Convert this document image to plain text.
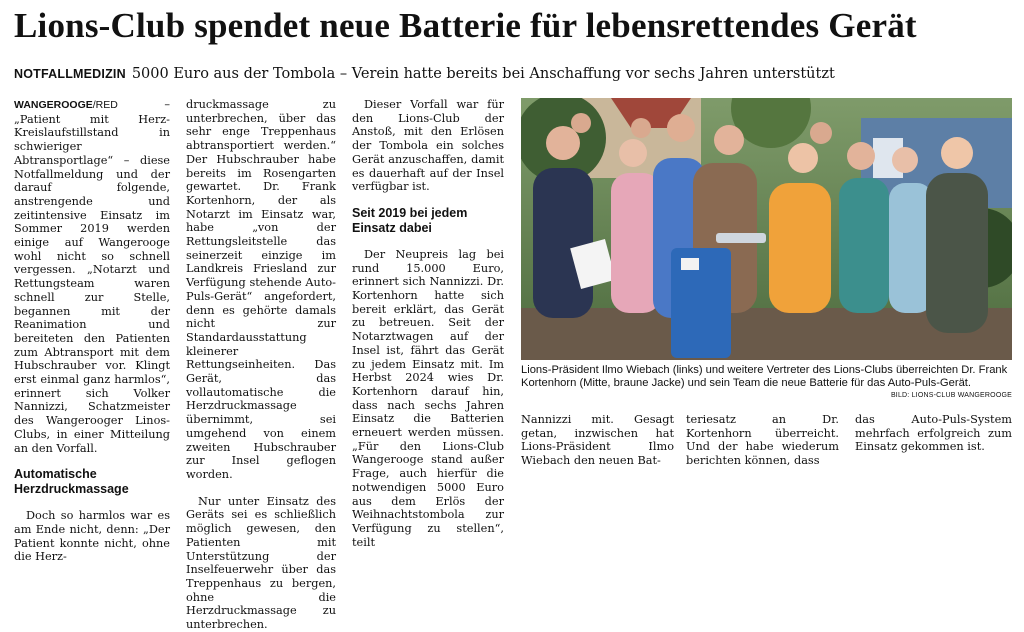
Lions-Club spendet neue Batterie für lebensrettendes Gerät
NOTFALLMEDIZIN 5000 Euro aus der Tombola – Verein hatte bereits bei Anschaffung vor sechs Jahren unterstützt

WANGEROOGE/RED – „Patient mit Herz-Kreislaufstillstand in schwieriger Abtransportlage“ – diese Notfallmeldung und der darauf folgende, anstrengende und zeitintensive Einsatz im Sommer 2019 werden einige auf Wangerooge wohl nicht so schnell vergessen. „Notarzt und Rettungsteam waren schnell zur Stelle, begannen mit der Reanimation und bereiteten den Patienten zum Abtransport mit dem Hubschrauber vor. Klingt erst einmal ganz harmlos“, erinnert sich Volker Nannizzi, Schatzmeister des Wangerooger Linos-Clubs, in einer Mitteilung an den Vorfall.

Automatische Herzdruckmassage

Doch so harmlos war es am Ende nicht, denn: „Der Patient konnte nicht, ohne die Herz-

druckmassage zu unterbrechen, über das sehr enge Treppenhaus abtransportiert werden.“ Der Hubschrauber habe bereits im Rosengarten gewartet. Dr. Frank Kortenhorn, der als Notarzt im Einsatz war, habe „von der Rettungsleitstelle das seinerzeit einzige im Landkreis Friesland zur Verfügung stehende Auto-Puls-Gerät“ angefordert, denn es gehörte damals nicht zur Standardausstattung kleinerer Rettungseinheiten. Das Gerät, das vollautomatische die Herzdruckmassage übernimmt, sei umgehend von einem zweiten Hubschrauber zur Insel geflogen worden.

Nur unter Einsatz des Geräts sei es schließlich möglich gewesen, den Patienten mit Unterstützung der Inselfeuerwehr über das Treppenhaus zu bergen, ohne die Herzdruckmassage zu unterbrechen.

Dieser Vorfall war für den Lions-Club der Anstoß, mit den Erlösen der Tombola ein solches Gerät anzuschaffen, damit es dauerhaft auf der Insel verfügbar ist.

Seit 2019 bei jedem Einsatz dabei

Der Neupreis lag bei rund 15.000 Euro, erinnert sich Nannizzi. Dr. Kortenhorn hatte sich bereit erklärt, das Gerät zu betreuen. Seit der Notarztwagen auf der Insel ist, fährt das Gerät zu jedem Einsatz mit. Im Herbst 2024 wies Dr. Kortenhorn darauf hin, dass nach sechs Jahren Einsatz die Batterien erneuert werden müssen. „Für den Lions-Club Wangerooge stand außer Frage, auch hierfür die notwendigen 5000 Euro aus dem Erlös der Weihnachtstombola zur Verfügung zu stellen“, teilt

Lions-Präsident Ilmo Wiebach (links) und weitere Vertreter des Lions-Clubs überreichten Dr. Frank Kortenhorn (Mitte, braune Jacke) und sein Team die neue Batterie für das Auto-Puls-Gerät.
BILD: LIONS-CLUB WANGEROOGE

Nannizzi mit. Gesagt getan, inzwischen hat Lions-Präsident Ilmo Wiebach den neuen Bat-

teriesatz an Dr. Kortenhorn überreicht. Und der habe wiederum berichten können, dass

das Auto-Puls-System mehrfach erfolgreich zum Einsatz gekommen ist.
